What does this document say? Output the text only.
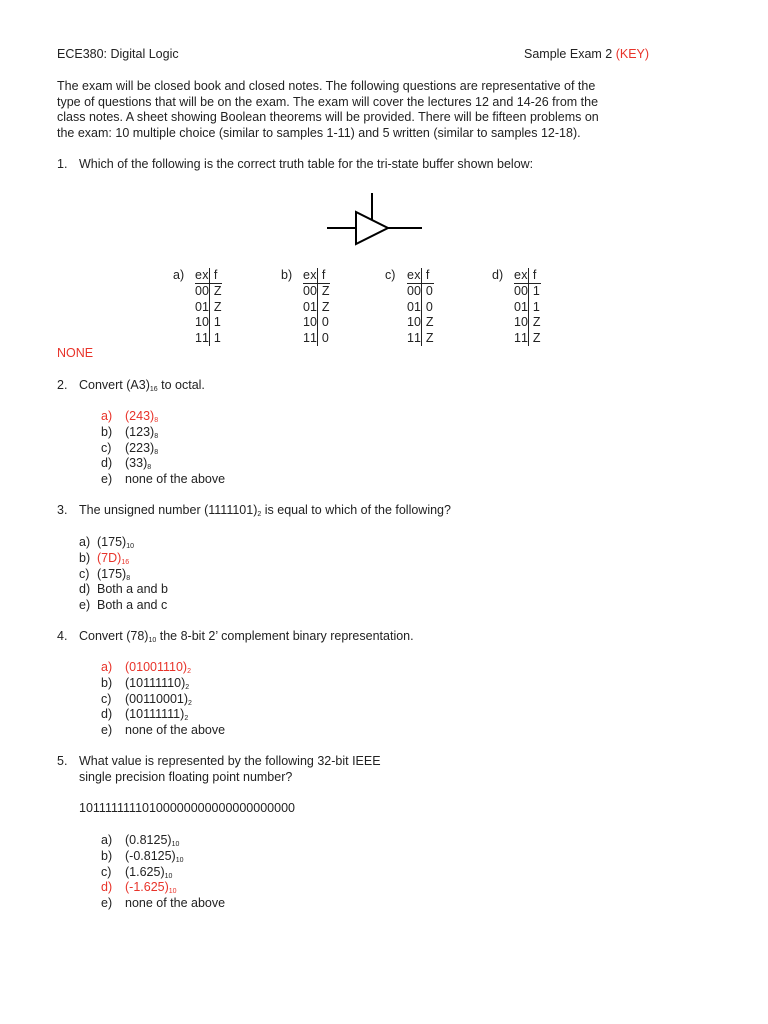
ECE380: Digital Logic	Sample Exam 2 (KEY)
The exam will be closed book and closed notes. The following questions are representative of the
type of questions that will be on the exam. The exam will cover the lectures 12 and 14-26 from the
class notes. A sheet showing Boolean theorems will be provided. There will be fifteen problems on
the exam: 10 multiple choice (similar to samples 1-11) and 5 written (similar to samples 12-18).
1. Which of the following is the correct truth table for the tri-state buffer shown below:
a) e	x	f
0	0	Z
0	1	Z
1	0	1
1	1	1
b) e	x	f
0	0	Z
0	1	Z
1	0	0
1	1	0
c) e	x	f
0	0	0
0	1	0
1	0	Z
1	1	Z
d) e	x	f
0	0	1
0	1	1
1	0	Z
1	1	Z
NONE
2. Convert $(A3)_{16}$ to octal.
a) $(243)_8$
b) $(123)_8$
c) $(223)_8$
d) $(33)_8$
e) none of the above
3. The unsigned number $(1111101)_2$ is equal to which of the following?
a) $(175)_{10}$
b) $(7D)_{16}$
c) $(175)_8$
d) Both a and b
e) Both a and c
4. Convert $(78)_{10}$ the 8-bit 2’ complement binary representation.
a) $(01001110)_2$
b) $(10111110)_2$
c) $(00110001)_2$
d) $(10111111)_2$
e) none of the above
5. What value is represented by the following 32-bit IEEE
single precision floating point number?
10111111110100000000000000000000
a) $(0.8125)_{10}$
b) $(-0.8125)_{10}$
c) $(1.625)_{10}$
d) $(-1.625)_{10}$
e) none of the above
